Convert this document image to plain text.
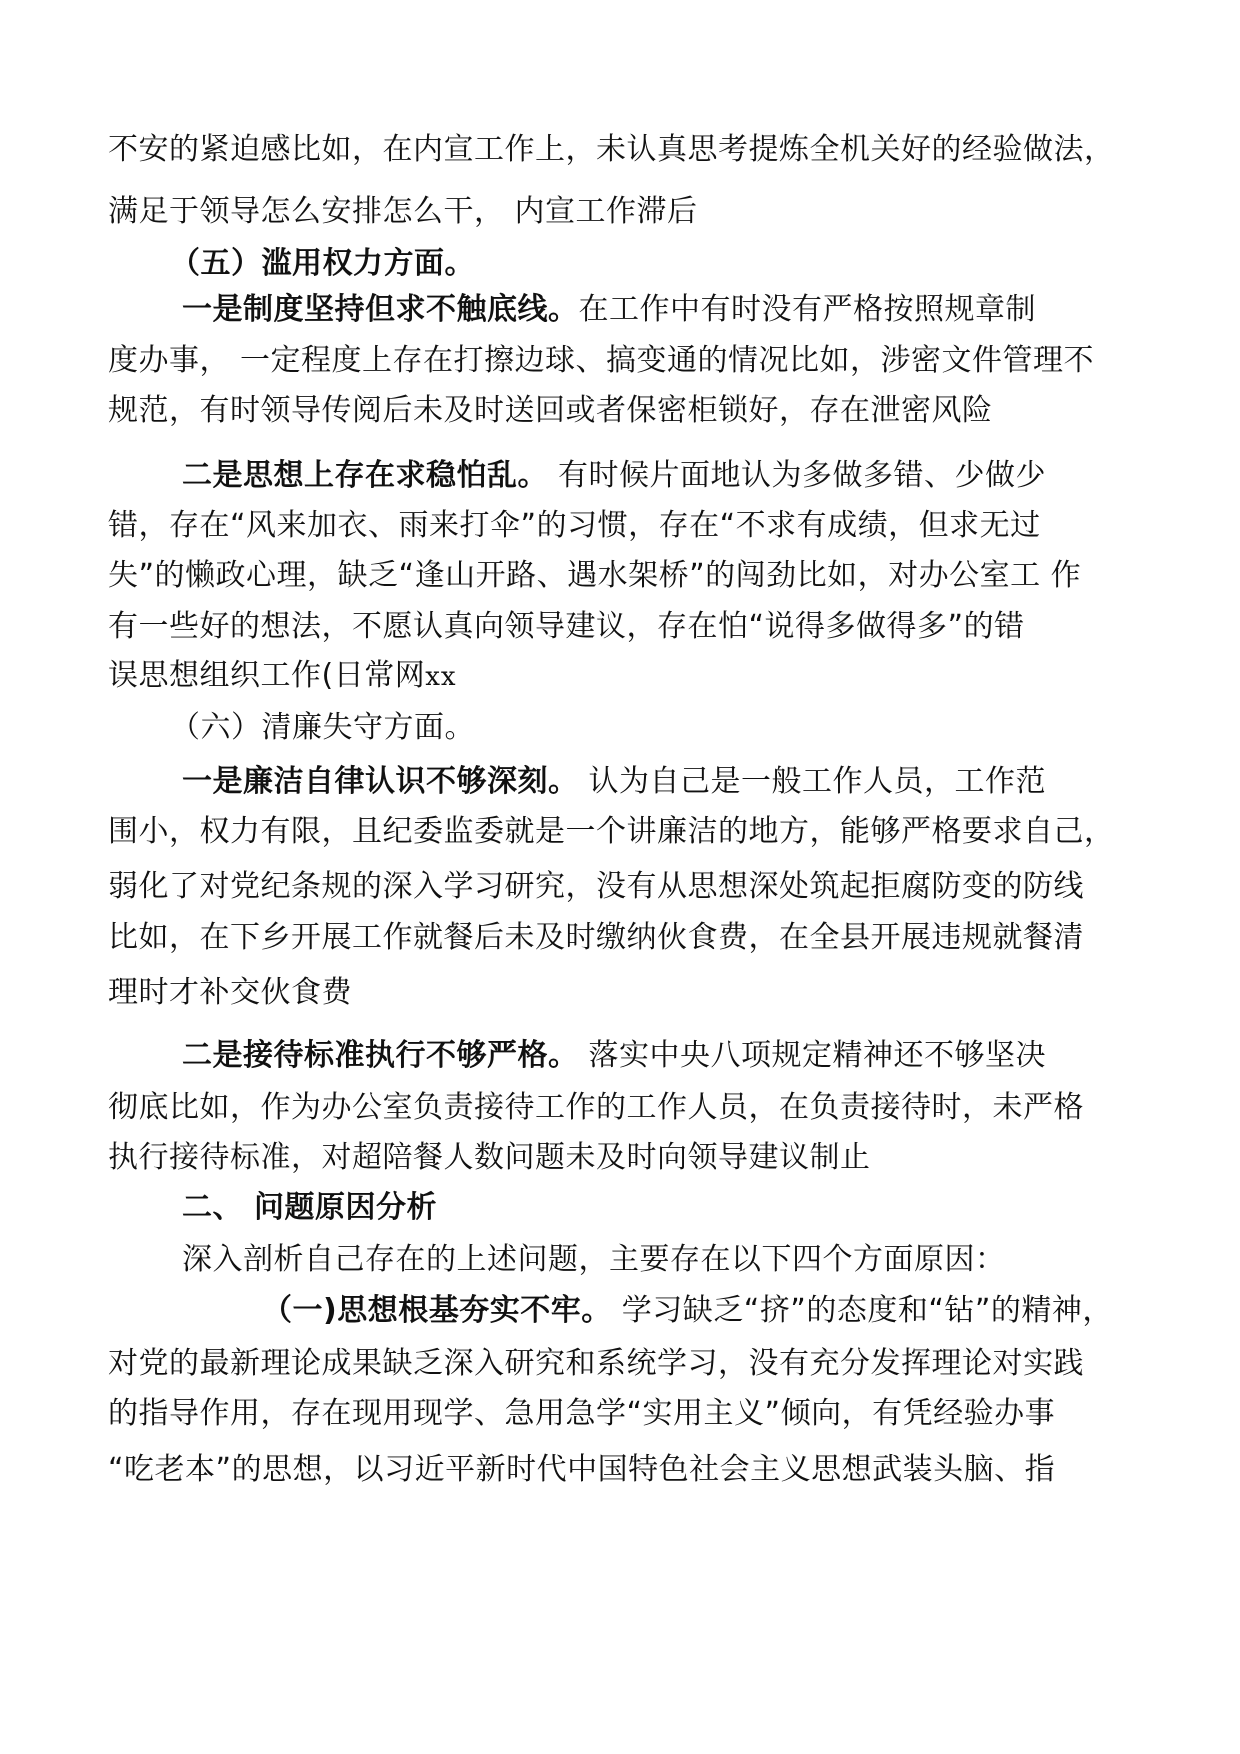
不安的紧迫感比如，在内宣工作上，未认真思考提炼全机关好的经验做法，
满足于领导怎么安排怎么干， 内宣工作滞后
（五）滥用权力方面。
一是制度坚持但求不触底线。在工作中有时没有严格按照规章制
度办事， 一定程度上存在打擦边球、搞变通的情况比如，涉密文件管理不
规范，有时领导传阅后未及时送回或者保密柜锁好，存在泄密风险
二是思想上存在求稳怕乱。 有时候片面地认为多做多错、少做少
错，存在“风来加衣、雨来打伞”的习惯，存在“不求有成绩，但求无过
失”的懒政心理，缺乏“逢山开路、遇水架桥”的闯劲比如，对办公室工 作
有一些好的想法，不愿认真向领导建议，存在怕“说得多做得多”的错
误思想组织工作(日常网xx
（六）清廉失守方面。
一是廉洁自律认识不够深刻。 认为自己是一般工作人员，工作范
围小，权力有限，且纪委监委就是一个讲廉洁的地方，能够严格要求自己，
弱化了对党纪条规的深入学习研究，没有从思想深处筑起拒腐防变的防线
比如，在下乡开展工作就餐后未及时缴纳伙食费，在全县开展违规就餐清
理时才补交伙食费
二是接待标准执行不够严格。 落实中央八项规定精神还不够坚决
彻底比如，作为办公室负责接待工作的工作人员，在负责接待时，未严格
执行接待标准，对超陪餐人数问题未及时向领导建议制止
二、 问题原因分析
深入剖析自己存在的上述问题，主要存在以下四个方面原因：
（一)思想根基夯实不牢。 学习缺乏“挤”的态度和“钻”的精神，
对党的最新理论成果缺乏深入研究和系统学习，没有充分发挥理论对实践
的指导作用，存在现用现学、急用急学“实用主义”倾向，有凭经验办事
“吃老本”的思想，以习近平新时代中国特色社会主义思想武装头脑、指
